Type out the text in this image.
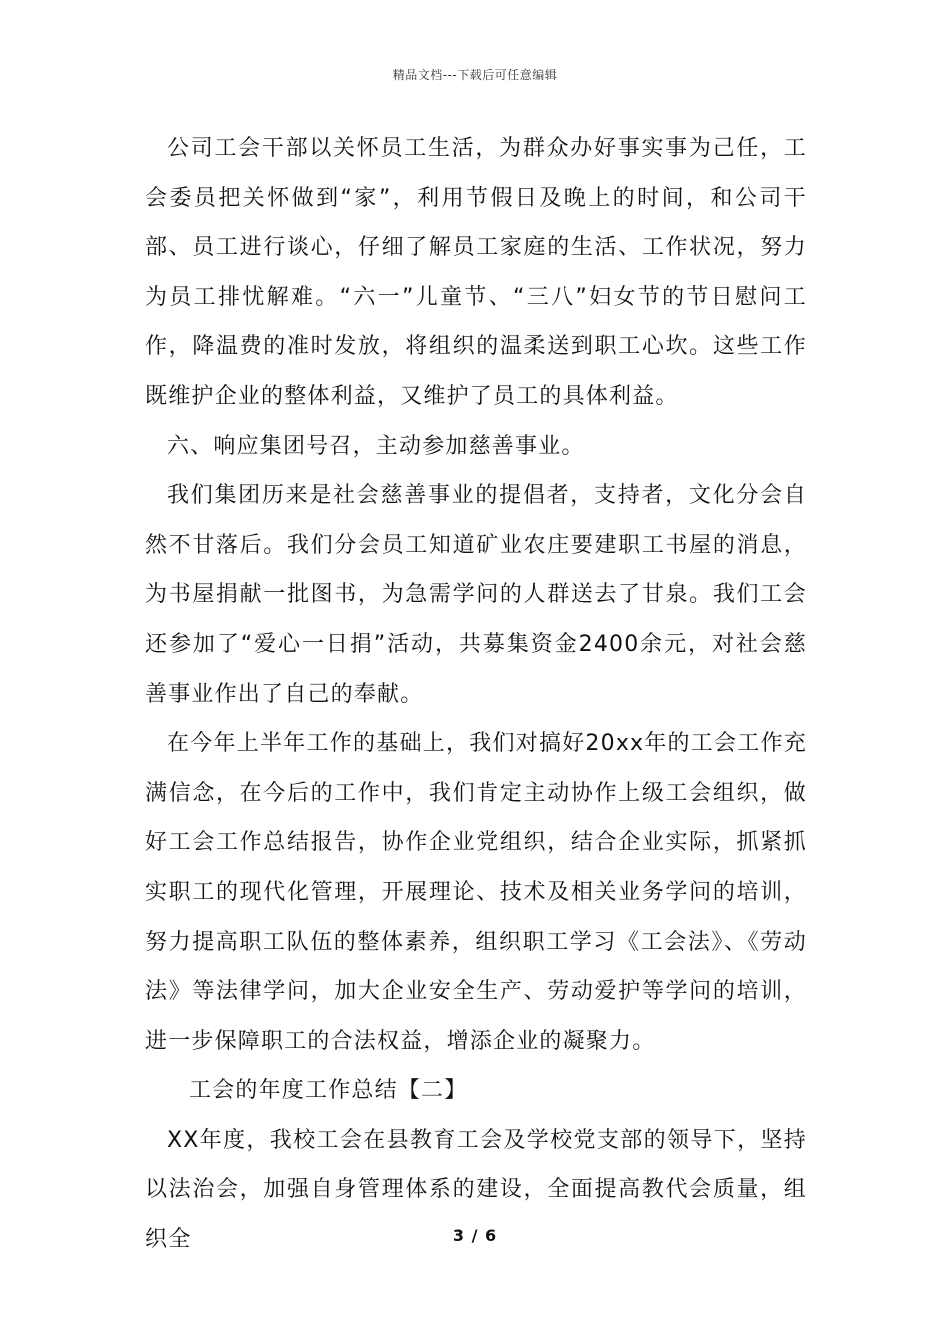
精品文档---下载后可任意编辑

公司工会干部以关怀员工生活，为群众办好事实事为己任，工会委员把关怀做到“家”，利用节假日及晚上的时间，和公司干部、员工进行谈心，仔细了解员工家庭的生活、工作状况，努力为员工排忧解难。“六一”儿童节、“三八”妇女节的节日慰问工作，降温费的准时发放，将组织的温柔送到职工心坎。这些工作既维护企业的整体利益，又维护了员工的具体利益。

六、响应集团号召，主动参加慈善事业。

我们集团历来是社会慈善事业的提倡者，支持者，文化分会自然不甘落后。我们分会员工知道矿业农庄要建职工书屋的消息，为书屋捐献一批图书，为急需学问的人群送去了甘泉。我们工会还参加了“爱心一日捐”活动，共募集资金2400余元，对社会慈善事业作出了自己的奉献。

在今年上半年工作的基础上，我们对搞好20xx年的工会工作充满信念，在今后的工作中，我们肯定主动协作上级工会组织，做好工会工作总结报告，协作企业党组织，结合企业实际，抓紧抓实职工的现代化管理，开展理论、技术及相关业务学问的培训，努力提高职工队伍的整体素养，组织职工学习《工会法》、《劳动法》等法律学问，加大企业安全生产、劳动爱护等学问的培训，进一步保障职工的合法权益，增添企业的凝聚力。

工会的年度工作总结【二】

XX年度，我校工会在县教育工会及学校党支部的领导下，坚持以法治会，加强自身管理体系的建设，全面提高教代会质量，组织全	3 / 6
